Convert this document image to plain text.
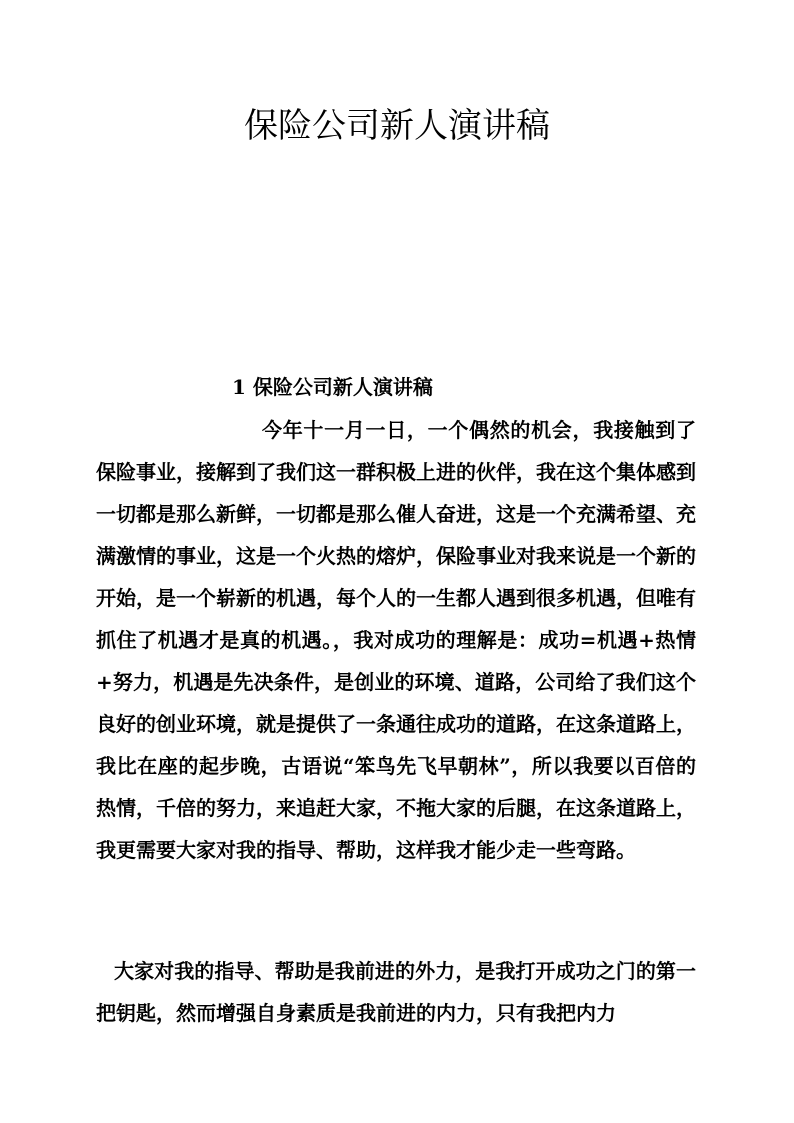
保险公司新人演讲稿
1 保险公司新人演讲稿

今年十一月一日，一个偶然的机会，我接触到了保险事业，接解到了我们这一群积极上进的伙伴，我在这个集体感到一切都是那么新鲜，一切都是那么催人奋进，这是一个充满希望、充满激情的事业，这是一个火热的熔炉，保险事业对我来说是一个新的开始，是一个崭新的机遇，每个人的一生都人遇到很多机遇，但唯有抓住了机遇才是真的机遇。，我对成功的理解是：成功=机遇+热情+努力，机遇是先决条件，是创业的环境、道路，公司给了我们这个良好的创业环境，就是提供了一条通往成功的道路，在这条道路上，我比在座的起步晚，古语说“笨鸟先飞早朝林”，所以我要以百倍的热情，千倍的努力，来追赶大家，不拖大家的后腿，在这条道路上，我更需要大家对我的指导、帮助，这样我才能少走一些弯路。

大家对我的指导、帮助是我前进的外力，是我打开成功之门的第一把钥匙，然而增强自身素质是我前进的内力，只有我把内力
